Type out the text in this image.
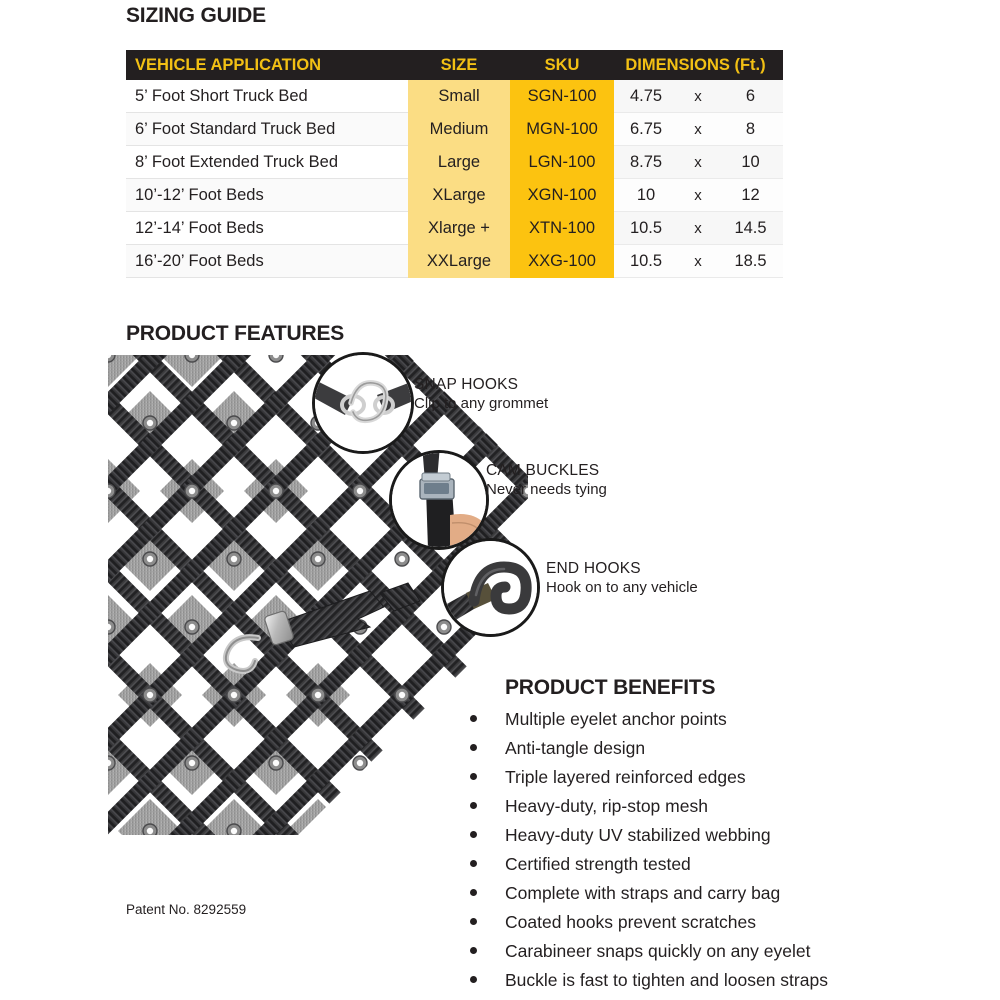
SIZING GUIDE
VEHICLE APPLICATION	SIZE	SKU	DIMENSIONS (Ft.)		
5’ Foot Short Truck Bed	Small	SGN-100	4.75	x	6
6’ Foot Standard Truck Bed	Medium	MGN-100	6.75	x	8
8’ Foot Extended Truck Bed	Large	LGN-100	8.75	x	10
10’-12’ Foot Beds	XLarge	XGN-100	10	x	12
12’-14’ Foot Beds	Xlarge +	XTN-100	10.5	x	14.5
16’-20’ Foot Beds	XXLarge	XXG-100	10.5	x	18.5
PRODUCT FEATURES
SNAP HOOKS
Clip to any grommet
CAM BUCKLES
Never needs tying
END HOOKS
Hook on to any vehicle
PRODUCT BENEFITS
Multiple eyelet anchor points
Anti-tangle design
Triple layered reinforced edges
Heavy-duty, rip-stop mesh
Heavy-duty UV stabilized webbing
Certified strength tested
Complete with straps and carry bag
Coated hooks prevent scratches
Carabineer snaps quickly on any eyelet
Buckle is fast to tighten and loosen straps
Patent No. 8292559
